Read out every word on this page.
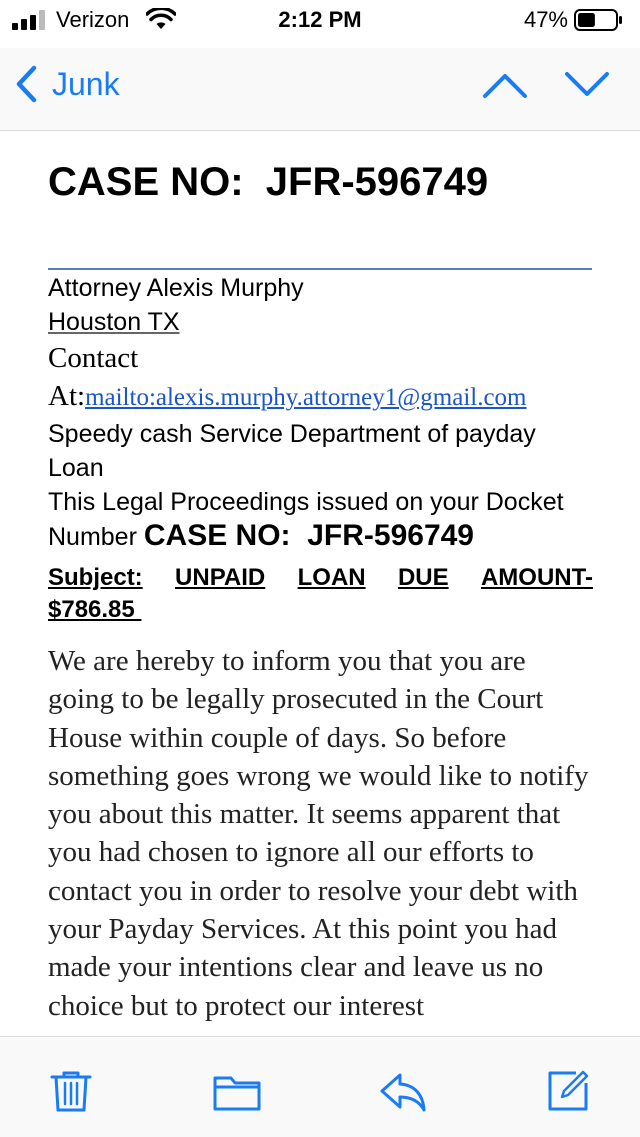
Verizon	2:12 PM	47%
Junk
CASE NO:  JFR-596749
Attorney Alexis Murphy
Houston TX
Contact
At:mailto:alexis.murphy.attorney1@gmail.com
Speedy cash Service Department of payday Loan
This Legal Proceedings issued on your Docket
Number CASE NO:  JFR-596749
Subject: UNPAID LOAN DUE AMOUNT-
$786.85
We are hereby to inform you that you are going to be legally prosecuted in the Court House within couple of days. So before something goes wrong we would like to notify you about this matter. It seems apparent that you had chosen to ignore all our efforts to contact you in order to resolve your debt with your Payday Services. At this point you had made your intentions clear and leave us no choice but to protect our interest
